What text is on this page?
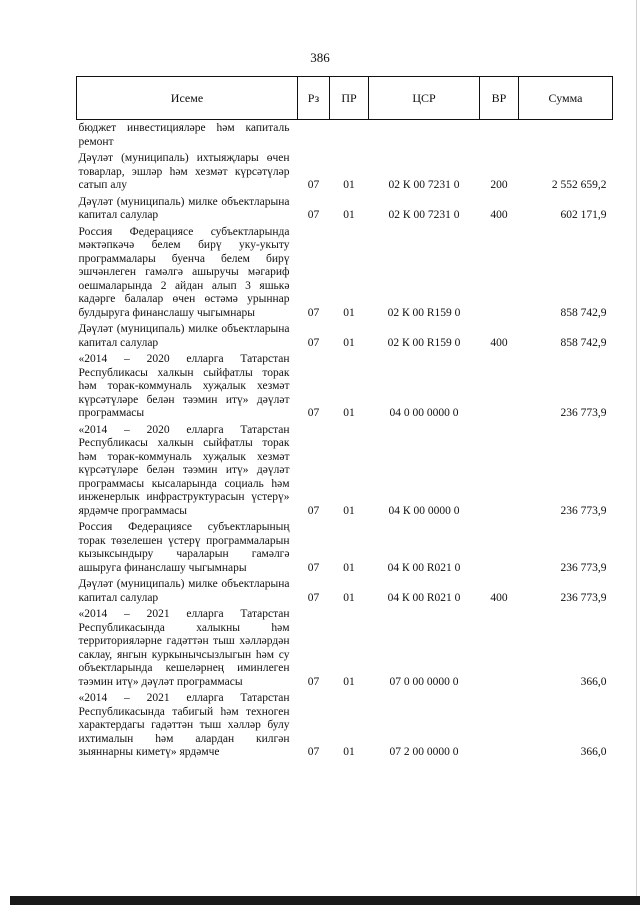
386
Исеме	Рз	ПР	ЦСР	ВР	Сумма
бюджет инвестицияләре һәм капиталь ремонт					
Дәүләт (муниципаль) ихтыяҗлары өчен товарлар, эшләр һәм хезмәт күрсәтүләр сатып алу	07	01	02 К 00 7231 0	200	2 552 659,2
Дәүләт (муниципаль) милке объектларына капитал салулар	07	01	02 К 00 7231 0	400	602 171,9
Россия Федерациясе субъектларында мәктәпкәчә белем бирү уку-укыту программалары буенча белем бирү эшчәнлеген гамәлгә ашыручы мәгариф оешмаларында 2 айдан алып 3 яшькә кадәрге балалар өчен өстәмә урыннар булдыруга финанслашу чыгымнары	07	01	02 К 00 R159 0		858 742,9
Дәүләт (муниципаль) милке объектларына капитал салулар	07	01	02 К 00 R159 0	400	858 742,9
«2014 – 2020 елларга Татарстан Республикасы халкын сыйфатлы торак һәм торак-коммуналь хуҗалык хезмәт күрсәтүләре белән тәэмин итү» дәүләт программасы	07	01	04 0 00 0000 0		236 773,9
«2014 – 2020 елларга Татарстан Республикасы халкын сыйфатлы торак һәм торак-коммуналь хуҗалык хезмәт күрсәтүләре белән тәэмин итү» дәүләт программасы кысаларында социаль һәм инженерлык инфраструктурасын үстерү» ярдәмче программасы	07	01	04 К 00 0000 0		236 773,9
Россия Федерациясе субъектларының торак төзелешен үстерү программаларын кызыксындыру чараларын гамәлгә ашыруга финанслашу чыгымнары	07	01	04 К 00 R021 0		236 773,9
Дәүләт (муниципаль) милке объектларына капитал салулар	07	01	04 К 00 R021 0	400	236 773,9
«2014 – 2021 елларга Татарстан Республикасында халыкны һәм территорияләрне гадәттән тыш хәлләрдән саклау, янгын куркынычсызлыгын һәм су объектларында кешеләрнең иминлеген тәэмин итү» дәүләт программасы	07	01	07 0 00 0000 0		366,0
«2014 – 2021 елларга Татарстан Республикасында табигый һәм техноген характердагы гадәттән тыш хәлләр булу ихтималын һәм алардан килгән зыяннарны киметү» ярдәмче	07	01	07 2 00 0000 0		366,0
